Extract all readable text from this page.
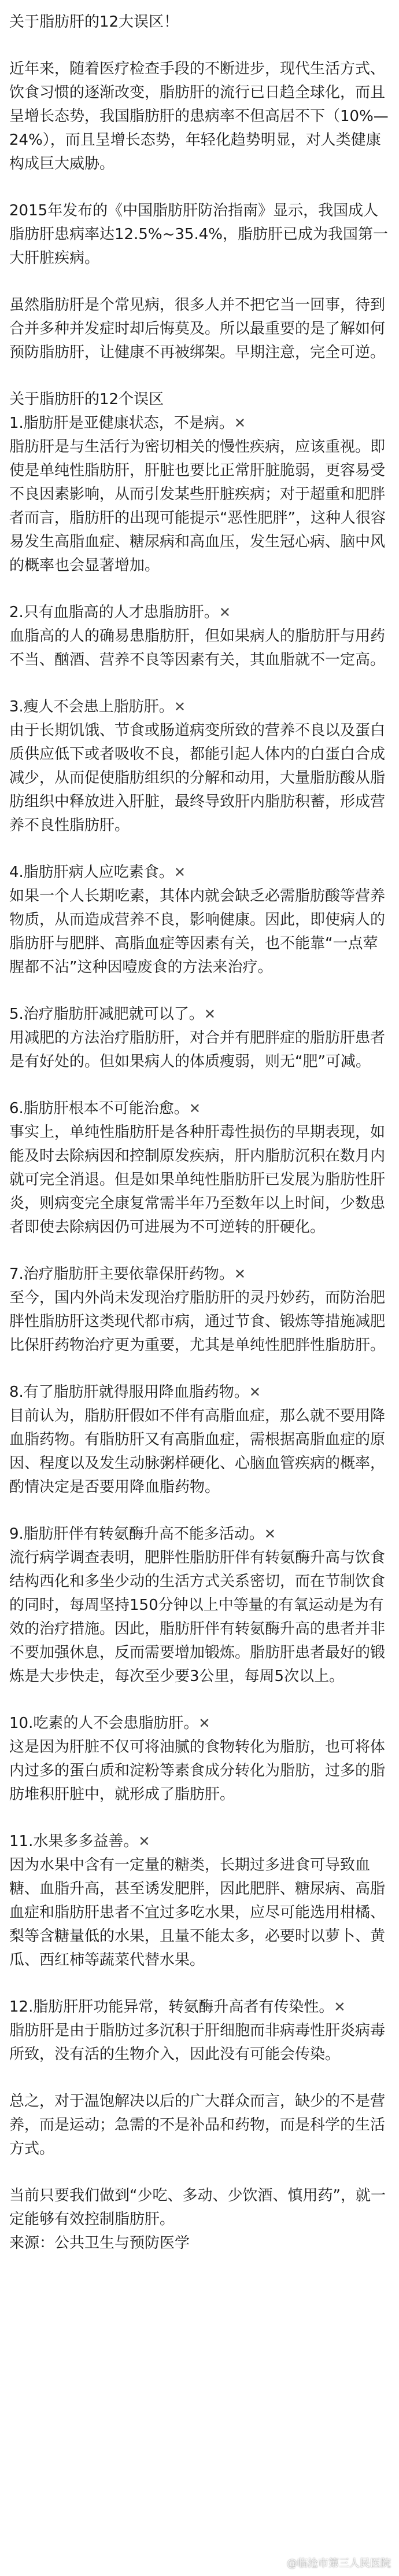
关于脂肪肝的12大误区！

近年来，随着医疗检查手段的不断进步，现代生活方式、饮食习惯的逐渐改变，脂肪肝的流行已日趋全球化，而且呈增长态势，我国脂肪肝的患病率不但高居不下（10%—24%），而且呈增长态势，年轻化趋势明显，对人类健康构成巨大威胁。

2015年发布的《中国脂肪肝防治指南》显示，我国成人脂肪肝患病率达12.5%~35.4%，脂肪肝已成为我国第一大肝脏疾病。

虽然脂肪肝是个常见病，很多人并不把它当一回事，待到合并多种并发症时却后悔莫及。所以最重要的是了解如何预防脂肪肝，让健康不再被绑架。早期注意，完全可逆。

关于脂肪肝的12个误区

1.脂肪肝是亚健康状态，不是病。✕

脂肪肝是与生活行为密切相关的慢性疾病，应该重视。即使是单纯性脂肪肝，肝脏也要比正常肝脏脆弱，更容易受不良因素影响，从而引发某些肝脏疾病；对于超重和肥胖者而言，脂肪肝的出现可能提示“恶性肥胖”，这种人很容易发生高脂血症、糖尿病和高血压，发生冠心病、脑中风的概率也会显著增加。

2.只有血脂高的人才患脂肪肝。✕

血脂高的人的确易患脂肪肝，但如果病人的脂肪肝与用药不当、酗酒、营养不良等因素有关，其血脂就不一定高。

3.瘦人不会患上脂肪肝。✕

由于长期饥饿、节食或肠道病变所致的营养不良以及蛋白质供应低下或者吸收不良，都能引起人体内的白蛋白合成减少，从而促使脂肪组织的分解和动用，大量脂肪酸从脂肪组织中释放进入肝脏，最终导致肝内脂肪积蓄，形成营养不良性脂肪肝。

4.脂肪肝病人应吃素食。✕

如果一个人长期吃素，其体内就会缺乏必需脂肪酸等营养物质，从而造成营养不良，影响健康。因此，即使病人的脂肪肝与肥胖、高脂血症等因素有关，也不能靠“一点荤腥都不沾”这种因噎废食的方法来治疗。

5.治疗脂肪肝减肥就可以了。✕

用减肥的方法治疗脂肪肝，对合并有肥胖症的脂肪肝患者是有好处的。但如果病人的体质瘦弱，则无“肥”可减。

6.脂肪肝根本不可能治愈。✕

事实上，单纯性脂肪肝是各种肝毒性损伤的早期表现，如能及时去除病因和控制原发疾病，肝内脂肪沉积在数月内就可完全消退。但是如果单纯性脂肪肝已发展为脂肪性肝炎，则病变完全康复常需半年乃至数年以上时间，少数患者即使去除病因仍可进展为不可逆转的肝硬化。

7.治疗脂肪肝主要依靠保肝药物。✕

至今，国内外尚未发现治疗脂肪肝的灵丹妙药，而防治肥胖性脂肪肝这类现代都市病，通过节食、锻炼等措施减肥比保肝药物治疗更为重要，尤其是单纯性肥胖性脂肪肝。

8.有了脂肪肝就得服用降血脂药物。✕

目前认为，脂肪肝假如不伴有高脂血症，那么就不要用降血脂药物。有脂肪肝又有高脂血症，需根据高脂血症的原因、程度以及发生动脉粥样硬化、心脑血管疾病的概率，酌情决定是否要用降血脂药物。

9.脂肪肝伴有转氨酶升高不能多活动。✕

流行病学调查表明，肥胖性脂肪肝伴有转氨酶升高与饮食结构西化和多坐少动的生活方式关系密切，而在节制饮食的同时，每周坚持150分钟以上中等量的有氧运动是为有效的治疗措施。因此，脂肪肝伴有转氨酶升高的患者并非不要加强休息，反而需要增加锻炼。脂肪肝患者最好的锻炼是大步快走，每次至少要3公里，每周5次以上。

10.吃素的人不会患脂肪肝。✕

这是因为肝脏不仅可将油腻的食物转化为脂肪，也可将体内过多的蛋白质和淀粉等素食成分转化为脂肪，过多的脂肪堆积肝脏中，就形成了脂肪肝。

11.水果多多益善。✕

因为水果中含有一定量的糖类，长期过多进食可导致血糖、血脂升高，甚至诱发肥胖，因此肥胖、糖尿病、高脂血症和脂肪肝患者不宜过多吃水果，应尽可能选用柑橘、梨等含糖量低的水果，且量不能太多，必要时以萝卜、黄瓜、西红柿等蔬菜代替水果。

12.脂肪肝肝功能异常，转氨酶升高者有传染性。✕

脂肪肝是由于脂肪过多沉积于肝细胞而非病毒性肝炎病毒所致，没有活的生物介入，因此没有可能会传染。

总之，对于温饱解决以后的广大群众而言，缺少的不是营养，而是运动；急需的不是补品和药物，而是科学的生活方式。

当前只要我们做到“少吃、多动、少饮酒、慎用药”，就一定能够有效控制脂肪肝。

来源：公共卫生与预防医学

@临沧市第三人民医院
